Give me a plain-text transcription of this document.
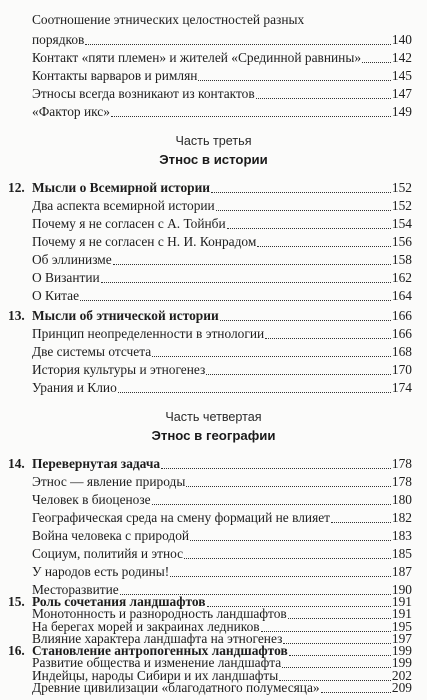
Соотношение этнических целостностей разных
порядков	140
Контакт «пяти племен» и жителей «Срединной равнины» 142
Контакты варваров и римлян	145
Этносы всегда возникают из контактов	147
«Фактор икс»	149
Часть третья
Этнос в истории
12. Мысли о Всемирной истории	152
Два аспекта всемирной истории	152
Почему я не согласен с А. Тойнби	154
Почему я не согласен с Н. И. Конрадом	156
Об эллинизме	158
О Византии	162
О Китае	164
13. Мысли об этнической истории	166
Принцип неопределенности в этнологии	166
Две системы отсчета	168
История культуры и этногенез	170
Урания и Клио	174
Часть четвертая
Этнос в географии
14. Перевернутая задача	178
Этнос — явление природы	178
Человек в биоценозе	180
Географическая среда на смену формаций не влияет	182
Война человека с природой	183
Социум, политийя и этнос	185
У народов есть родины!	187
Месторазвитие	190
15. Роль сочетания ландшафтов	191
Монотонность и разнородность ландшафтов	191
На берегах морей и закраинах ледников	195
Влияние характера ландшафта на этногенез	197
16. Становление антропогенных ландшафтов	199
Развитие общества и изменение ландшафта	199
Индейцы, народы Сибири и их ландшафты	202
Древние цивилизации «благодатного полумесяца»	209
